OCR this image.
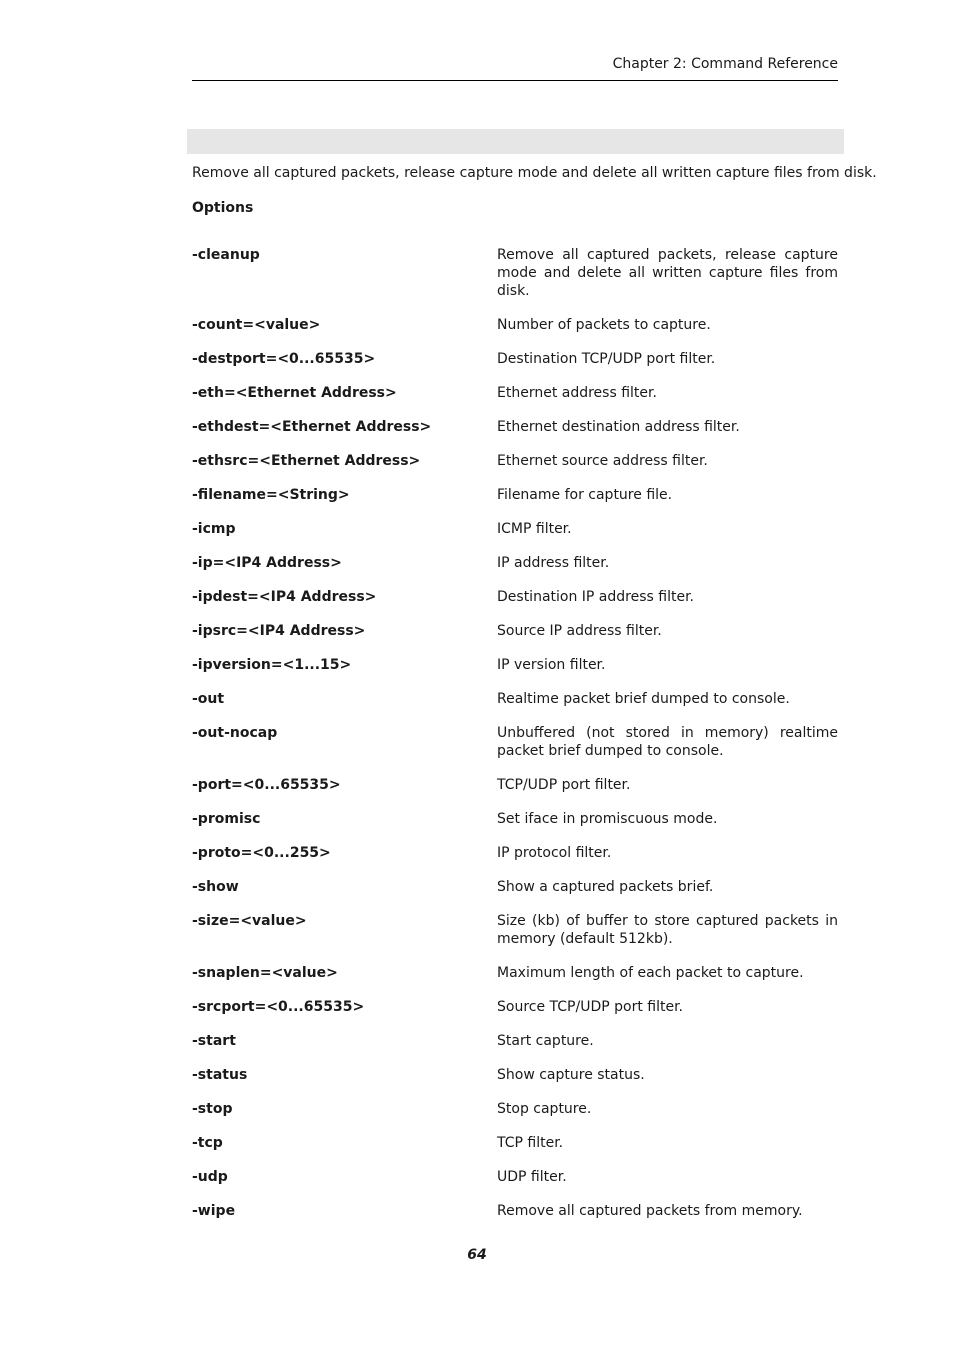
Chapter 2: Command Reference
Remove all captured packets, release capture mode and delete all written capture files from disk.
Options
-cleanup	Remove all captured packets, release capture mode and delete all written capture files from disk.
-count=<value>	Number of packets to capture.
-destport=<0...65535>	Destination TCP/UDP port filter.
-eth=<Ethernet Address>	Ethernet address filter.
-ethdest=<Ethernet Address>	Ethernet destination address filter.
-ethsrc=<Ethernet Address>	Ethernet source address filter.
-filename=<String>	Filename for capture file.
-icmp	ICMP filter.
-ip=<IP4 Address>	IP address filter.
-ipdest=<IP4 Address>	Destination IP address filter.
-ipsrc=<IP4 Address>	Source IP address filter.
-ipversion=<1...15>	IP version filter.
-out	Realtime packet brief dumped to console.
-out-nocap	Unbuffered (not stored in memory) realtime packet brief dumped to console.
-port=<0...65535>	TCP/UDP port filter.
-promisc	Set iface in promiscuous mode.
-proto=<0...255>	IP protocol filter.
-show	Show a captured packets brief.
-size=<value>	Size (kb) of buffer to store captured packets in memory (default 512kb).
-snaplen=<value>	Maximum length of each packet to capture.
-srcport=<0...65535>	Source TCP/UDP port filter.
-start	Start capture.
-status	Show capture status.
-stop	Stop capture.
-tcp	TCP filter.
-udp	UDP filter.
-wipe	Remove all captured packets from memory.
64
